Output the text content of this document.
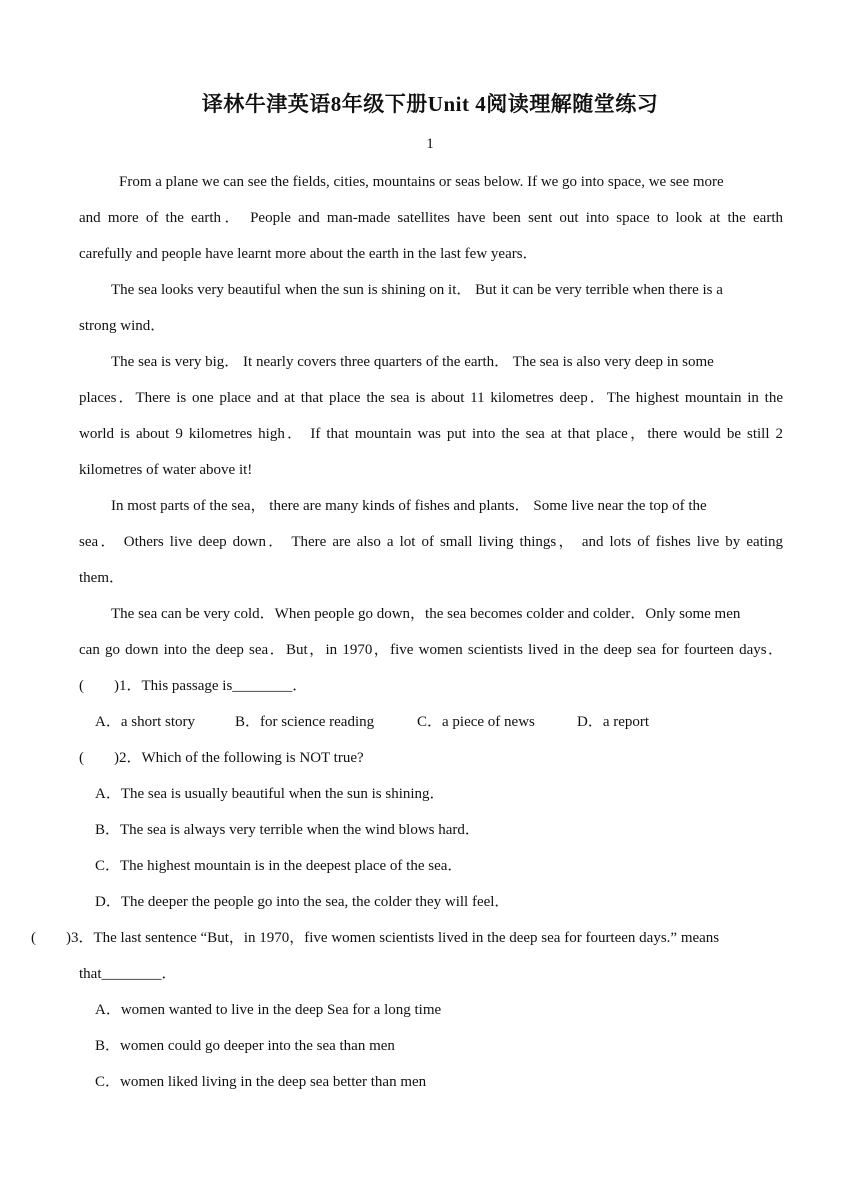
译林牛津英语8年级下册Unit 4阅读理解随堂练习
1
From a plane we can see the fields, cities, mountains or seas below. If we go into space, we see more
and more of the earth． People and man-made satellites have been sent out into space to look at the earth
carefully and people have learnt more about the earth in the last few years．
The sea looks very beautiful when the sun is shining on it． But it can be very terrible when there is a
strong wind．
The sea is very big． It nearly covers three quarters of the earth． The sea is also very deep in some
places．There is one place and at that place the sea is about 11 kilometres deep．The highest mountain in the
world is about 9 kilometres high． If that mountain was put into the sea at that place，there would be still 2
kilometres of water above it!
In most parts of the sea， there are many kinds of fishes and plants． Some live near the top of the
sea． Others live deep down． There are also a lot of small living things， and lots of fishes live by eating
them．
The sea can be very cold．When people go down，the sea becomes colder and colder．Only some men
can go down into the deep sea．But，in 1970，five women scientists lived in the deep sea for fourteen days．
(　　)1．This passage is________．
A．a short story	B．for science reading	C．a piece of news	D．a report
(　　)2．Which of the following is NOT true?
A．The sea is usually beautiful when the sun is shining．
B．The sea is always very terrible when the wind blows hard．
C．The highest mountain is in the deepest place of the sea．
D．The deeper the people go into the sea, the colder they will feel．
(　　)3．The last sentence “But，in 1970，five women scientists lived in the deep sea for fourteen days.” means
that________．
A．women wanted to live in the deep Sea for a long time
B．women could go deeper into the sea than men
C．women liked living in the deep sea better than men
